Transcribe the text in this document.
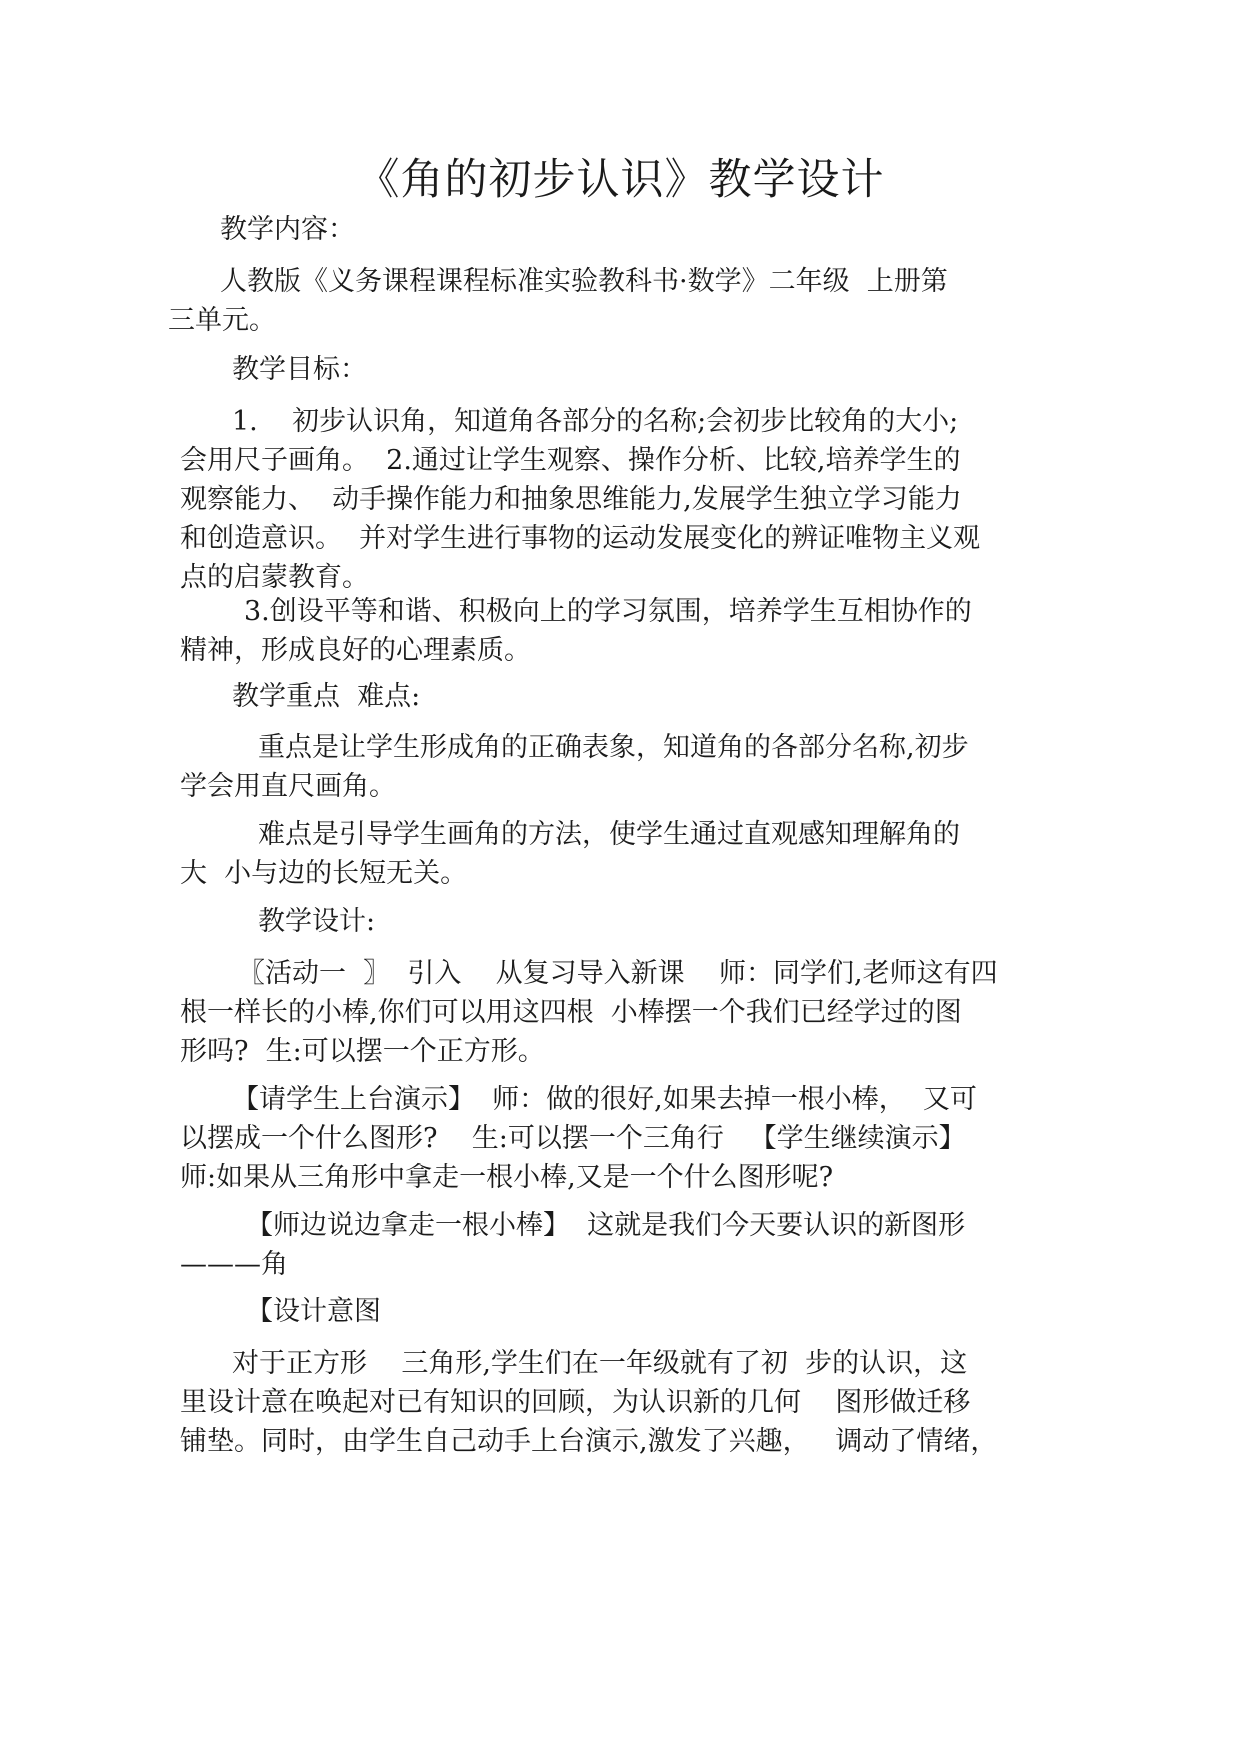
《角的初步认识》教学设计

教学内容：

人教版《义务课程课程标准实验教科书·数学》二年级  上册第
三单元。

教学目标：

1.    初步认识角，知道角各部分的名称;会初步比较角的大小;
会用尺子画角。  2.通过让学生观察、操作分析、比较,培养学生的
观察能力、  动手操作能力和抽象思维能力,发展学生独立学习能力
和创造意识。  并对学生进行事物的运动发展变化的辨证唯物主义观
点的启蒙教育。

3.创设平等和谐、积极向上的学习氛围，培养学生互相协作的
精神，形成良好的心理素质。

教学重点  难点:

重点是让学生形成角的正确表象，知道角的各部分名称,初步
学会用直尺画角。

难点是引导学生画角的方法，使学生通过直观感知理解角的
大  小与边的长短无关。

教学设计:

〖活动一  〗  引入    从复习导入新课    师：同学们,老师这有四
根一样长的小棒,你们可以用这四根  小棒摆一个我们已经学过的图
形吗?  生:可以摆一个正方形。

【请学生上台演示】  师：做的很好,如果去掉一根小棒，  又可
以摆成一个什么图形?    生:可以摆一个三角行   【学生继续演示】
师:如果从三角形中拿走一根小棒,又是一个什么图形呢?

【师边说边拿走一根小棒】  这就是我们今天要认识的新图形
———角

【设计意图

对于正方形    三角形,学生们在一年级就有了初  步的认识，这
里设计意在唤起对已有知识的回顾，为认识新的几何    图形做迁移
铺垫。同时，由学生自己动手上台演示,激发了兴趣，   调动了情绪，
